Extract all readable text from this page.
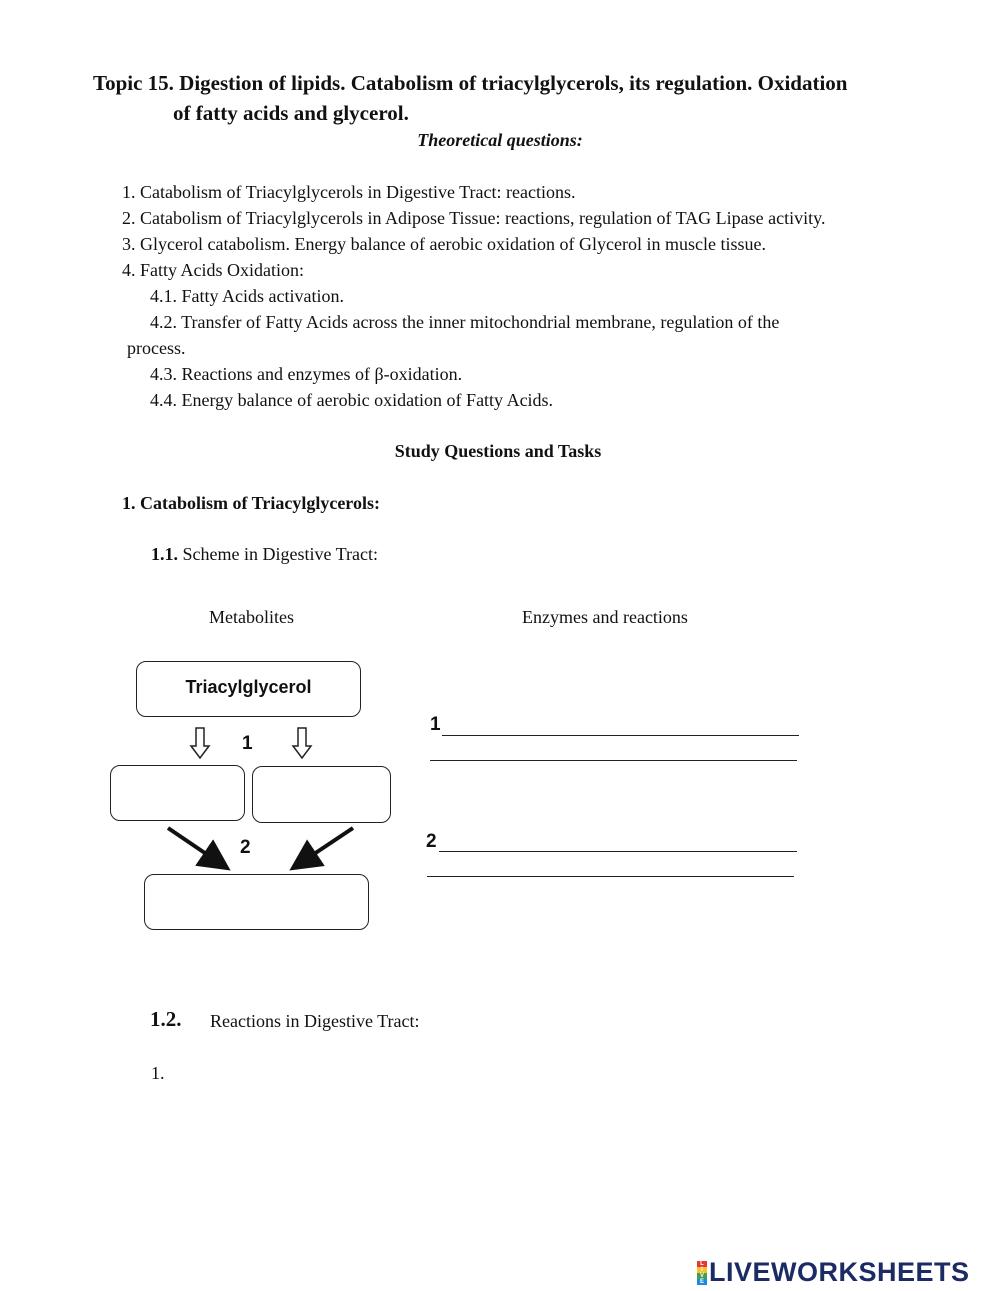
Topic 15. Digestion of lipids. Catabolism of triacylglycerols, its regulation. Oxidation
of fatty acids and glycerol.
Theoretical questions:
1. Catabolism of Triacylglycerols in Digestive Tract: reactions.
2. Catabolism of Triacylglycerols in Adipose Tissue: reactions, regulation of TAG Lipase activity.
3. Glycerol catabolism. Energy balance of aerobic oxidation of Glycerol in muscle tissue.
4. Fatty Acids Oxidation:
4.1. Fatty Acids activation.
4.2. Transfer of Fatty Acids across the inner mitochondrial membrane, regulation of the
process.
4.3. Reactions and enzymes of β-oxidation.
4.4. Energy balance of aerobic oxidation of Fatty Acids.
Study Questions and Tasks
1. Catabolism of Triacylglycerols:
1.1. Scheme in Digestive Tract:
Metabolites	Enzymes and reactions
Triacylglycerol
1
2
1
2
1.2. Reactions in Digestive Tract:
1.
L
I
V
E LIVEWORKSHEETS
